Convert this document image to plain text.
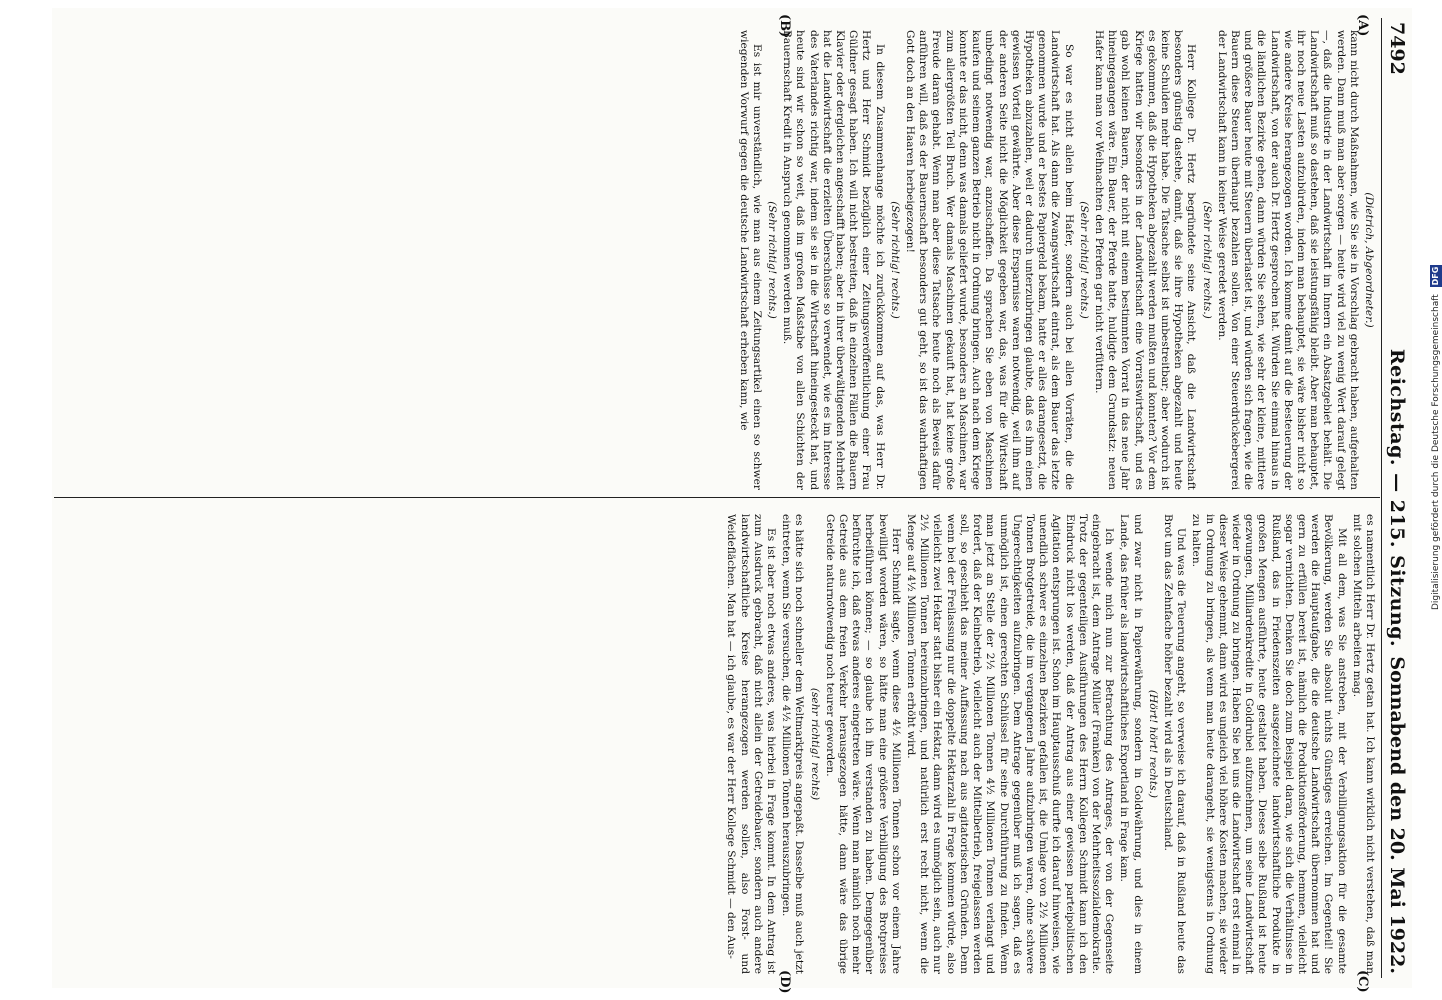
7492
Reichstag. — 215. Sitzung.
Sonnabend den 20. Mai 1922.
(A)
(B)
(C)
(D)

(Dietrich, Abgeordneter.)

kann nicht durch Maßnahmen, wie Sie sie in Vorschlag gebracht haben, aufgehalten werden. Dann muß man aber sorgen — heute wird viel zu wenig Wert darauf gelegt —, daß die Industrie in der Landwirtschaft im Innern ein Absatzgebiet behält. Die Landwirtschaft muß so dastehen, daß sie leistungsfähig bleibt. Aber man behauptet, ihr noch neue Lasten aufzubürden, indem man behauptet, sie wäre bisher nicht so wie andere Kreise herangezogen worden. Ich komme damit auf die Besteuerung der Landwirtschaft, von der auch Dr. Hertz gesprochen hat. Würden Sie einmal hinaus in die ländlichen Bezirke gehen, dann würden Sie sehen, wie sehr der kleine, mittlere und größere Bauer heute mit Steuern überlastet ist, und würden sich fragen, wie die Bauern diese Steuern überhaupt bezahlen sollen. Von einer Steuerdrückebergerei der Landwirtschaft kann in keiner Weise geredet werden.

(Sehr richtig! rechts.)

Herr Kollege Dr. Hertz begründete seine Ansicht, daß die Landwirtschaft besonders günstig dastehe, damit, daß sie ihre Hypotheken abgezahlt und heute keine Schulden mehr habe. Die Tatsache selbst ist unbestreitbar; aber wodurch ist es gekommen, daß die Hypotheken abgezahlt werden mußten und konnten? Vor dem Kriege hatten wir besonders in der Landwirtschaft eine Vorratswirtschaft, und es gab wohl keinen Bauern, der nicht mit einem bestimmten Vorrat in das neue Jahr hineingegangen wäre. Ein Bauer, der Pferde hatte, huldigte dem Grundsatz: neuen Hafer kann man vor Weihnachten den Pferden gar nicht verfüttern.

(Sehr richtig! rechts.)

So war es nicht allein beim Hafer, sondern auch bei allen Vorräten, die die Landwirtschaft hat. Als dann die Zwangswirtschaft eintrat, als dem Bauer das letzte genommen wurde und er bestes Papiergeld bekam, hatte er alles darangesetzt, die Hypotheken abzuzahlen, weil er dadurch unterzubringen glaubte, daß es ihm einen gewissen Vorteil gewährte. Aber diese Ersparnisse waren notwendig, weil ihm auf der anderen Seite nicht die Möglichkeit gegeben war, das, was für die Wirtschaft unbedingt notwendig war, anzuschaffen. Da sprachen Sie eben von Maschinen kaufen und seinem ganzen Betrieb nicht in Ordnung bringen. Auch nach dem Kriege konnte er das nicht, denn was damals geliefert wurde, besonders an Maschinen, war zum allergrößten Teil Bruch. Wer damals Maschinen gekauft hat, hat keine große Freude daran gehabt. Wenn man aber diese Tatsache heute noch als Beweis dafür anführen will, daß es der Bauernschaft besonders gut geht, so ist das wahrhaftigen Gott doch an den Haaren herbeigezogen!

(Sehr richtig! rechts.)

In diesem Zusammenhange möchte ich zurückkommen auf das, was Herr Dr. Hertz und Herr Schmidt bezüglich einer Zeitungsveröffentlichung einer Frau Güldner gesagt haben. Ich will nicht bestreiten, daß in einzelnen Fällen die Bauern Klavier oder dergleichen angeschafft haben; aber in ihrer überwältigenden Mehrheit hat die Landwirtschaft die erzielten Überschüsse so verwendet, wie es im Interesse des Vaterlandes richtig war, indem sie sie in die Wirtschaft hineingesteckt hat, und heute sind wir schon so weit, daß im großen Maßstabe von allen Schichten der Bauernschaft Kredit in Anspruch genommen werden muß.

(Sehr richtig! rechts.)

Es ist mir unverständlich, wie man aus einem Zeitungsartikel einen so schwer wiegenden Vorwurf gegen die deutsche Landwirtschaft erheben kann, wie

es namentlich Herr Dr. Hertz getan hat. Ich kann wirklich nicht verstehen, daß man mit solchen Mitteln arbeiten mag.

Mit all dem, was Sie anstreben, mit der Verbilligungsaktion für die gesamte Bevölkerung, werden Sie absolut nichts Günstiges erreichen. Im Gegenteil! Sie werden die Hauptaufgabe, die die deutsche Landwirtschaft übernommen hat und gern zu erfüllen bereit ist, nämlich die Produktionsförderung, hemmen, vielleicht sogar vernichten. Denken Sie doch zum Beispiel daran, wie sich die Verhältnisse in Rußland, das in Friedenszeiten ausgezeichnete landwirtschaftliche Produkte in großen Mengen ausführte, heute gestaltet haben. Dieses selbe Rußland ist heute gezwungen, Milliardenkredite in Goldrubel aufzunehmen, um seine Landwirtschaft wieder in Ordnung zu bringen. Haben Sie bei uns die Landwirtschaft erst einmal in dieser Weise gehemmt, dann wird es ungleich viel höhere Kosten machen, sie wieder in Ordnung zu bringen, als wenn man heute darangeht, sie wenigstens in Ordnung zu halten.

Und was die Teuerung angeht, so verweise ich darauf, daß in Rußland heute das Brot um das Zehnfache höher bezahlt wird als in Deutschland.

(Hört! hört! rechts.)

und zwar nicht in Papierwährung, sondern in Goldwährung, und dies in einem Lande, das früher als landwirtschaftliches Exportland in Frage kam.

Ich wende mich nun zur Betrachtung des Antrages, der von der Gegenseite eingebracht ist, dem Antrage Müller (Franken) von der Mehrheitssozialdemokratie. Trotz der gegenteiligen Ausführungen des Herrn Kollegen Schmidt kann ich den Eindruck nicht los werden, daß der Antrag aus einer gewissen parteipolitischen Agitation entsprungen ist. Schon im Hauptausschuß durfte ich darauf hinweisen, wie unendlich schwer es einzelnen Bezirken gefallen ist, die Umlage von 2½ Millionen Tonnen Brotgetreide, die im vergangenen Jahre aufzubringen waren, ohne schwere Ungerechtigkeiten aufzubringen. Dem Antrage gegenüber muß ich sagen, daß es unmöglich ist, einen gerechten Schlüssel für seine Durchführung zu finden. Wenn man jetzt an Stelle der 2½ Millionen Tonnen 4½ Millionen Tonnen verlangt und fordert, daß der Kleinbetrieb, vielleicht auch der Mittelbetrieb, freigelassen werden soll, so geschieht das meiner Auffassung nach aus agitatorischen Gründen. Denn wenn bei der Freilassung nur die doppelte Hektarzahl in Frage kommen würde, also vielleicht zwei Hektar statt bisher ein Hektar, dann wird es unmöglich sein, auch nur 2½ Millionen Tonnen hereinzubringen, und natürlich erst recht nicht, wenn die Menge auf 4½ Millionen Tonnen erhöht wird.

Herr Schmidt sagte, wenn diese 4½ Millionen Tonnen schon vor einem Jahre bewilligt worden wären, so hätte man eine größere Verbilligung des Brotpreises herbeiführen können; — so glaube ich ihn verstanden zu haben. Demgegenüber befürchte ich, daß etwas anderes eingetreten wäre. Wenn man nämlich noch mehr Getreide aus dem freien Verkehr herausgezogen hätte, dann wäre das übrige Getreide naturnotwendig noch teurer geworden.

(sehr richtig! rechts)

es hätte sich noch schneller dem Weltmarktpreis angepaßt. Dasselbe muß auch jetzt eintreten, wenn Sie versuchen, die 4½ Millionen Tonnen herauszubringen.

Es ist aber noch etwas anderes, was hierbei in Frage kommt. In dem Antrag ist zum Ausdruck gebracht, daß nicht allein der Getreidebauer, sondern auch andere landwirtschaftliche Kreise herangezogen werden sollen, also Forst- und Weideflächen. Man hat — ich glaube, es war der Herr Kollege Schmidt — den Aus-

Digitalisierung gefördert durch die Deutsche Forschungsgemeinschaft DFG
